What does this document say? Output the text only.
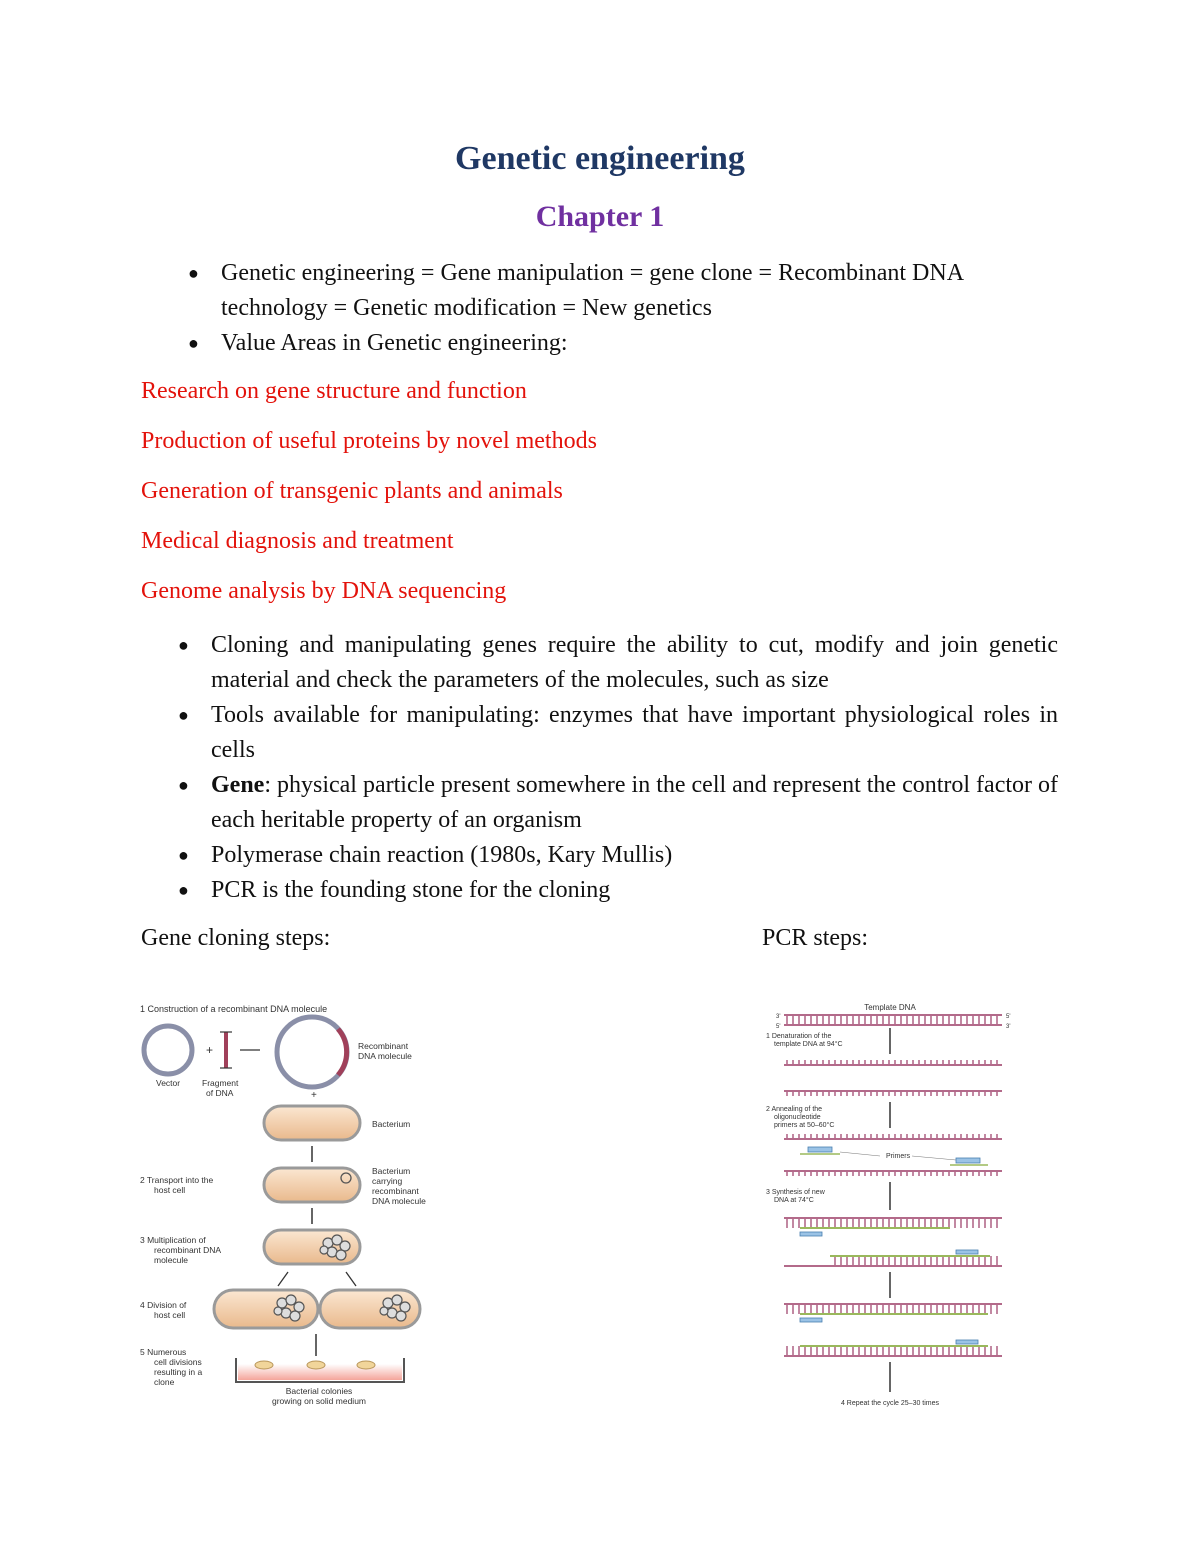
Genetic engineering
Chapter 1
● Genetic engineering = Gene manipulation = gene clone = Recombinant DNA technology = Genetic modification = New genetics
● Value Areas in Genetic engineering:
Research on gene structure and function
Production of useful proteins by novel methods
Generation of transgenic plants and animals
Medical diagnosis and treatment
Genome analysis by DNA sequencing
● Cloning and manipulating genes require the ability to cut, modify and join genetic material and check the parameters of the molecules, such as size
● Tools available for manipulating: enzymes that have important physiological roles in cells
● Gene: physical particle present somewhere in the cell and represent the control factor of each heritable property of an organism
● Polymerase chain reaction (1980s, Kary Mullis)
● PCR is the founding stone for the cloning
Gene cloning steps:	PCR steps:
1 Construction of a recombinant DNA molecule
Vector
+
Fragment
of DNA
Recombinant
DNA molecule
+
Bacterium
2 Transport into the
host cell
Bacterium
carrying
recombinant
DNA molecule
3 Multiplication of
recombinant DNA
molecule
4 Division of
host cell
5 Numerous
cell divisions
resulting in a
clone
Bacterial colonies
growing on solid medium
Template DNA
3'	5'
5'	3'
1 Denaturation of the
template DNA at 94°C
2 Annealing of the
oligonucleotide
primers at 50–60°C
Primers
3 Synthesis of new
DNA at 74°C
4 Repeat the cycle 25–30 times
